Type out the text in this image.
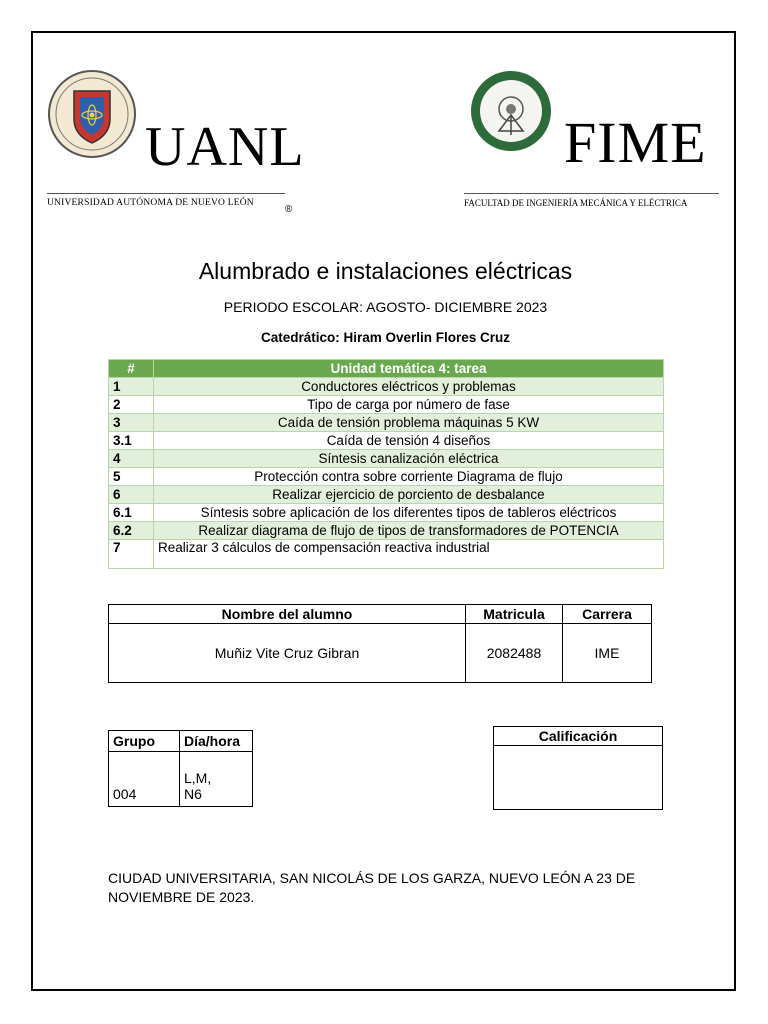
UANL
UNIVERSIDAD AUTÓNOMA DE NUEVO LEÓN
®
FIME
FACULTAD DE INGENIERÍA MECÁNICA Y ELÉCTRICA
Alumbrado e instalaciones eléctricas
PERIODO ESCOLAR: AGOSTO- DICIEMBRE 2023
Catedrático: Hiram Overlin Flores Cruz
#	Unidad temática 4: tarea
1	Conductores eléctricos y problemas
2	Tipo de carga por número de fase
3	Caída de tensión problema máquinas 5 KW
3.1	Caída de tensión 4 diseños
4	Síntesis canalización eléctrica
5	Protección contra sobre corriente Diagrama de flujo
6	Realizar ejercicio de porciento de desbalance
6.1	Síntesis sobre aplicación de los diferentes tipos de tableros eléctricos
6.2	Realizar diagrama de flujo de tipos de transformadores de POTENCIA
7	Realizar 3 cálculos de compensación reactiva industrial
Nombre del alumno	Matricula	Carrera
Muñiz Vite Cruz Gibran	2082488	IME
Grupo	Día/hora
004	L,M,
N6
Calificación
CIUDAD UNIVERSITARIA, SAN NICOLÁS DE LOS GARZA, NUEVO LEÓN A 23 DE NOVIEMBRE DE 2023.
